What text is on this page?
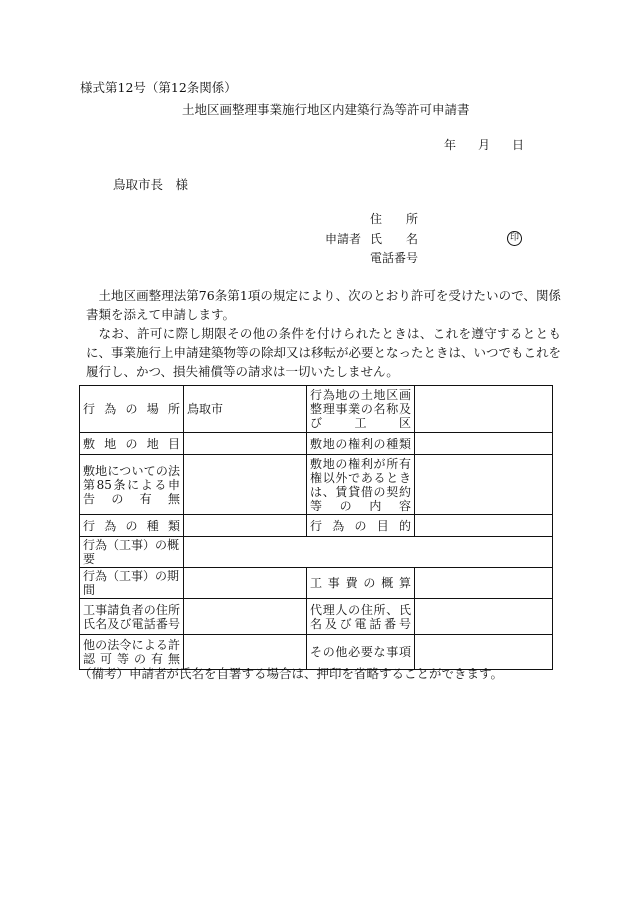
様式第12号（第12条関係）
土地区画整理事業施行地区内建築行為等許可申請書
年 月 日
鳥取市長　様
住　　所
申請者 氏　　名	印
電話番号
土地区画整理法第76条第1項の規定により、次のとおり許可を受けたいので、関係書類を添えて申請します。
なお、許可に際し期限その他の条件を付けられたときは、これを遵守するとともに、事業施行上申請建築物等の除却又は移転が必要となったときは、いつでもこれを履行し、かつ、損失補償等の請求は一切いたしません。
行為の場所	鳥取市	行為地の土地区画整理事業の名称及び工区	
敷地の地目		敷地の権利の種類	
敷地についての法第85条による申告の有無		敷地の権利が所有権以外であるときは、賃貸借の契約等の内容	
行為の種類		行為の目的	
行為（工事）の概要			
行為（工事）の期間		工事費の概算	
工事請負者の住所氏名及び電話番号		代理人の住所、氏名及び電話番号	
他の法令による許認可等の有無		その他必要な事項	
（備考）申請者が氏名を自署する場合は、押印を省略することができます。
